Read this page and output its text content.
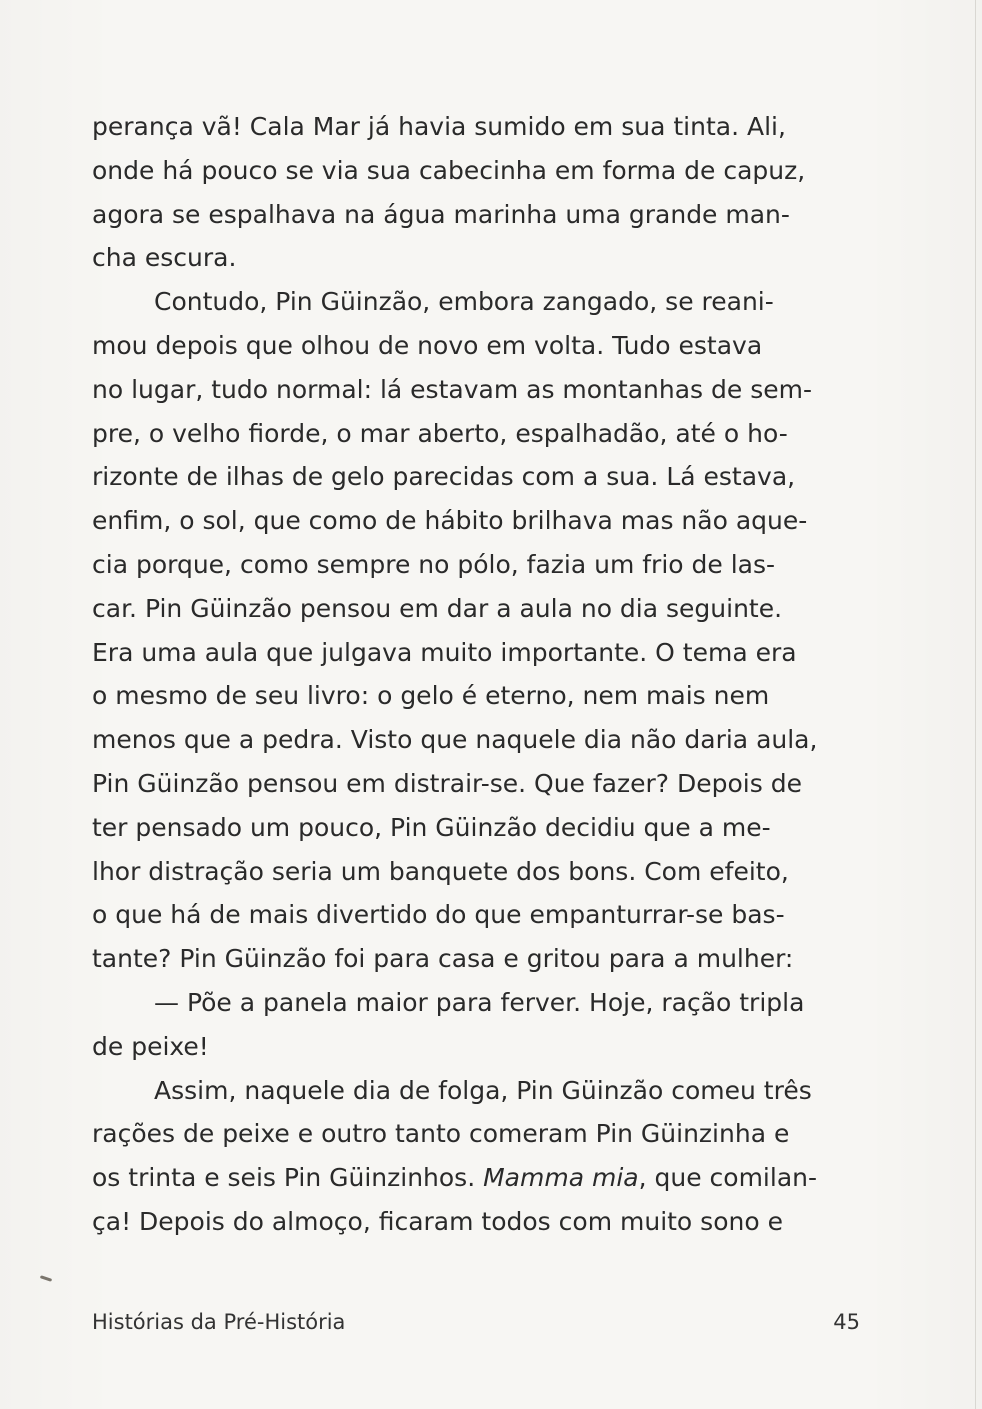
perança vã! Cala Mar já havia sumido em sua tinta. Ali,
onde há pouco se via sua cabecinha em forma de capuz,
agora se espalhava na água marinha uma grande man-
cha escura.
Contudo, Pin Güinzão, embora zangado, se reani-
mou depois que olhou de novo em volta. Tudo estava
no lugar, tudo normal: lá estavam as montanhas de sem-
pre, o velho fiorde, o mar aberto, espalhadão, até o ho-
rizonte de ilhas de gelo parecidas com a sua. Lá estava,
enfim, o sol, que como de hábito brilhava mas não aque-
cia porque, como sempre no pólo, fazia um frio de las-
car. Pin Güinzão pensou em dar a aula no dia seguinte.
Era uma aula que julgava muito importante. O tema era
o mesmo de seu livro: o gelo é eterno, nem mais nem
menos que a pedra. Visto que naquele dia não daria aula,
Pin Güinzão pensou em distrair-se. Que fazer? Depois de
ter pensado um pouco, Pin Güinzão decidiu que a me-
lhor distração seria um banquete dos bons. Com efeito,
o que há de mais divertido do que empanturrar-se bas-
tante? Pin Güinzão foi para casa e gritou para a mulher:
— Põe a panela maior para ferver. Hoje, ração tripla
de peixe!
Assim, naquele dia de folga, Pin Güinzão comeu três
rações de peixe e outro tanto comeram Pin Güinzinha e
os trinta e seis Pin Güinzinhos.
Mamma mia , que comilan-
ça! Depois do almoço, ficaram todos com muito sono e
Histórias da Pré-História	45
